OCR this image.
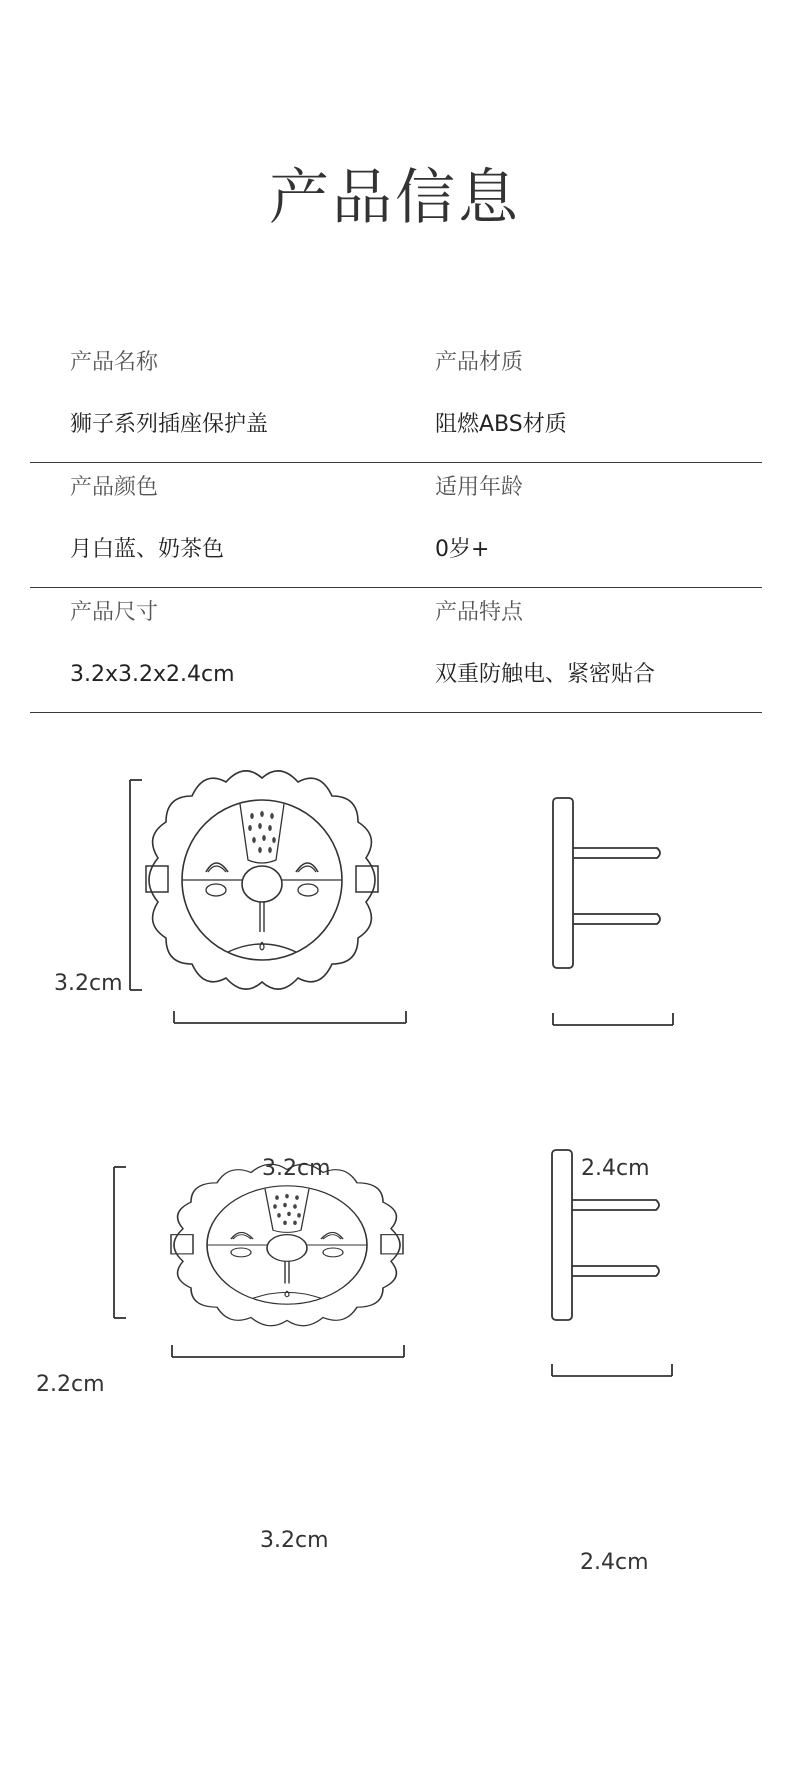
产品信息
产品名称
狮子系列插座保护盖
产品材质
阻燃ABS材质
产品颜色
月白蓝、奶茶色
适用年龄
0岁+
产品尺寸
3.2x3.2x2.4cm
产品特点
双重防触电、紧密贴合
3.2cm
3.2cm	2.4cm
2.2cm
3.2cm
2.4cm
